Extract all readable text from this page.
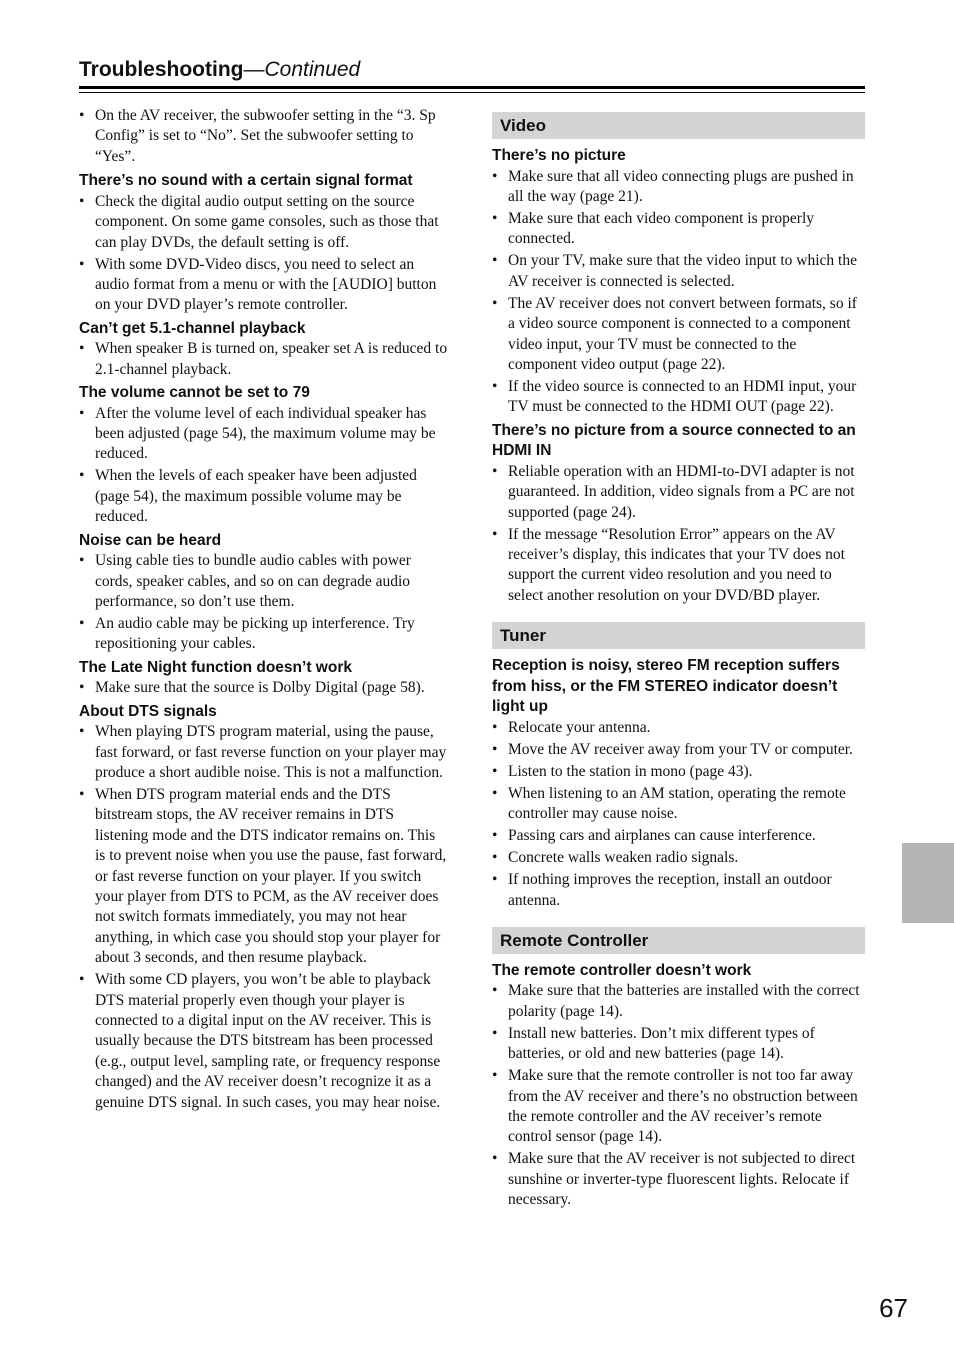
Troubleshooting—Continued
• On the AV receiver, the subwoofer setting in the “3. Sp Config” is set to “No”. Set the subwoofer setting to “Yes”.

There’s no sound with a certain signal format

• Check the digital audio output setting on the source component. On some game consoles, such as those that can play DVDs, the default setting is off.
• With some DVD-Video discs, you need to select an audio format from a menu or with the [AUDIO] button on your DVD player’s remote controller.

Can’t get 5.1-channel playback

• When speaker B is turned on, speaker set A is reduced to 2.1-channel playback.

The volume cannot be set to 79

• After the volume level of each individual speaker has been adjusted (page 54), the maximum volume may be reduced.
• When the levels of each speaker have been adjusted (page 54), the maximum possible volume may be reduced.

Noise can be heard

• Using cable ties to bundle audio cables with power cords, speaker cables, and so on can degrade audio performance, so don’t use them.
• An audio cable may be picking up interference. Try repositioning your cables.

The Late Night function doesn’t work

• Make sure that the source is Dolby Digital (page 58).

About DTS signals

• When playing DTS program material, using the pause, fast forward, or fast reverse function on your player may produce a short audible noise. This is not a malfunction.
• When DTS program material ends and the DTS bitstream stops, the AV receiver remains in DTS listening mode and the DTS indicator remains on. This is to prevent noise when you use the pause, fast forward, or fast reverse function on your player. If you switch your player from DTS to PCM, as the AV receiver does not switch formats immediately, you may not hear anything, in which case you should stop your player for about 3 seconds, and then resume playback.
• With some CD players, you won’t be able to playback DTS material properly even though your player is connected to a digital input on the AV receiver. This is usually because the DTS bitstream has been processed (e.g., output level, sampling rate, or frequency response changed) and the AV receiver doesn’t recognize it as a genuine DTS signal. In such cases, you may hear noise.
Video

There’s no picture

• Make sure that all video connecting plugs are pushed in all the way (page 21).
• Make sure that each video component is properly connected.
• On your TV, make sure that the video input to which the AV receiver is connected is selected.
• The AV receiver does not convert between formats, so if a video source component is connected to a component video input, your TV must be connected to the component video output (page 22).
• If the video source is connected to an HDMI input, your TV must be connected to the HDMI OUT (page 22).

There’s no picture from a source connected to an HDMI IN

• Reliable operation with an HDMI-to-DVI adapter is not guaranteed. In addition, video signals from a PC are not supported (page 24).
• If the message “Resolution Error” appears on the AV receiver’s display, this indicates that your TV does not support the current video resolution and you need to select another resolution on your DVD/BD player.
Tuner

Reception is noisy, stereo FM reception suffers from hiss, or the FM STEREO indicator doesn’t light up

• Relocate your antenna.
• Move the AV receiver away from your TV or computer.
• Listen to the station in mono (page 43).
• When listening to an AM station, operating the remote controller may cause noise.
• Passing cars and airplanes can cause interference.
• Concrete walls weaken radio signals.
• If nothing improves the reception, install an outdoor antenna.
Remote Controller

The remote controller doesn’t work

• Make sure that the batteries are installed with the correct polarity (page 14).
• Install new batteries. Don’t mix different types of batteries, or old and new batteries (page 14).
• Make sure that the remote controller is not too far away from the AV receiver and there’s no obstruction between the remote controller and the AV receiver’s remote control sensor (page 14).
• Make sure that the AV receiver is not subjected to direct sunshine or inverter-type fluorescent lights. Relocate if necessary.
67
